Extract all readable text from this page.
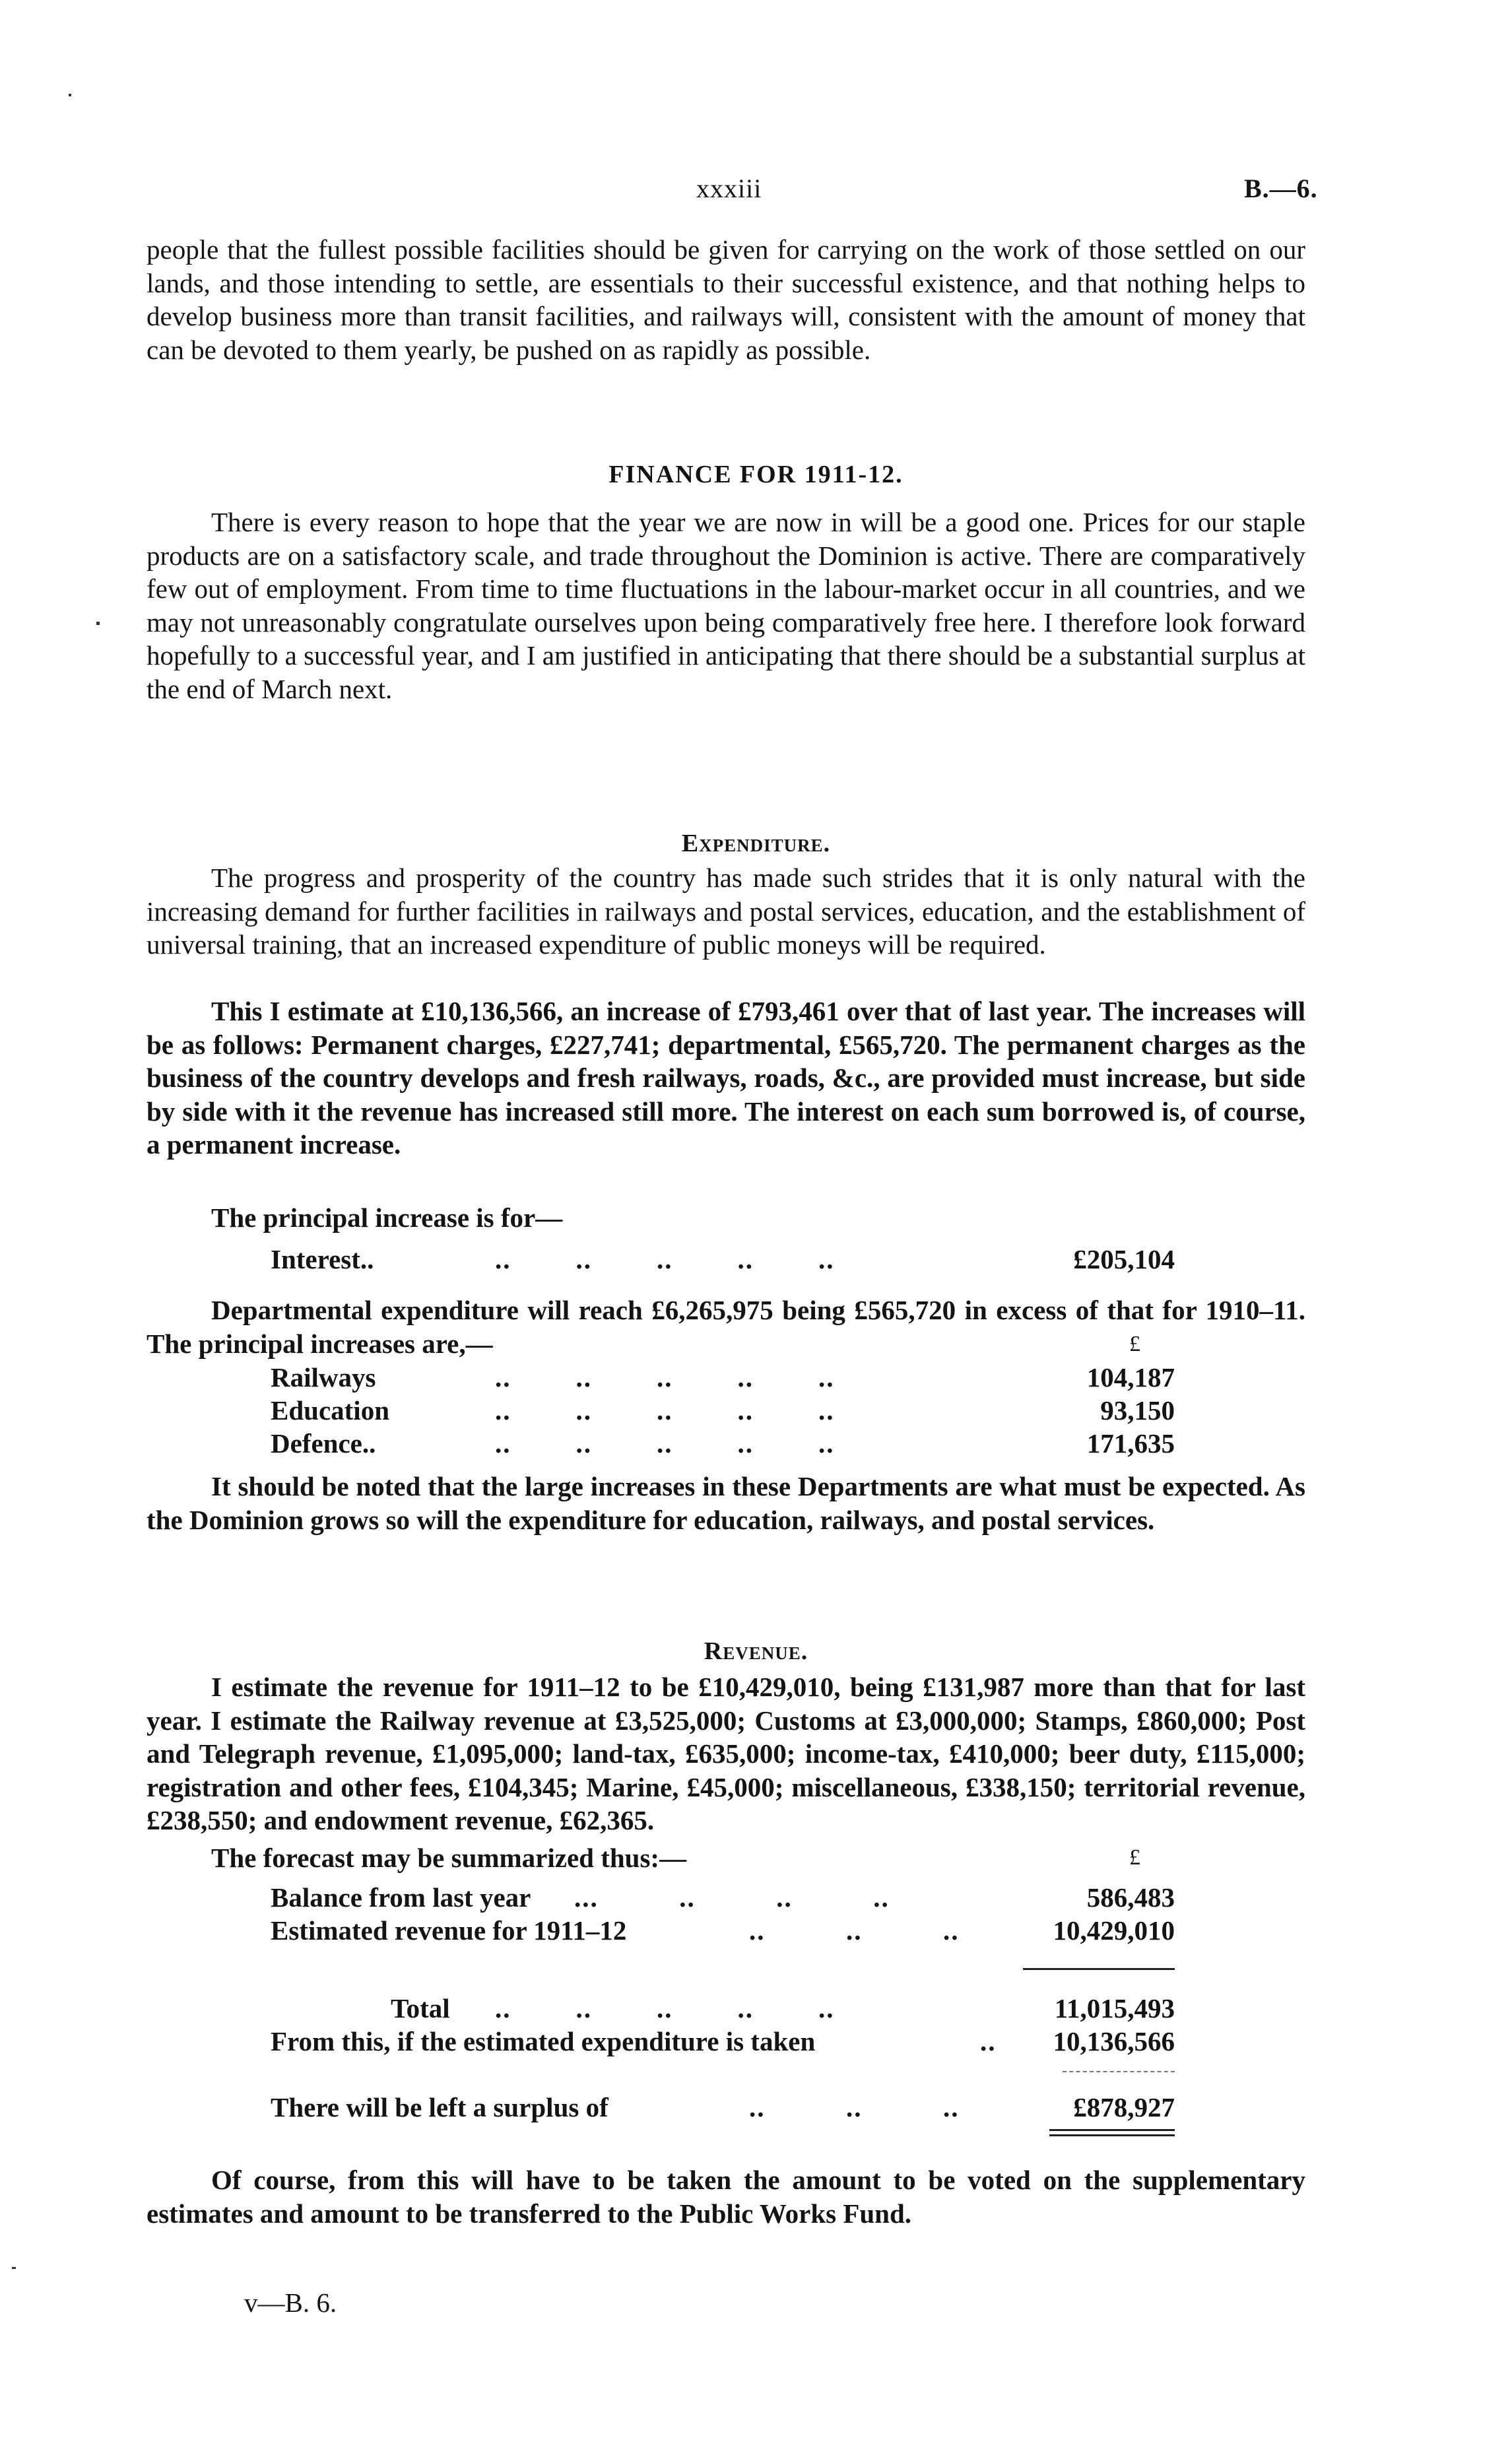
xxxiii	B.—6.

people that the fullest possible facilities should be given for carrying on the work of those settled on our lands, and those intending to settle, are essentials to their successful existence, and that nothing helps to develop business more than transit facilities, and railways will, consistent with the amount of money that can be devoted to them yearly, be pushed on as rapidly as possible.

FINANCE FOR 1911-12.

There is every reason to hope that the year we are now in will be a good one. Prices for our staple products are on a satisfactory scale, and trade throughout the Dominion is active. There are comparatively few out of employment. From time to time fluctuations in the labour-market occur in all countries, and we may not unreasonably congratulate ourselves upon being comparatively free here. I therefore look forward hopefully to a successful year, and I am justified in anticipating that there should be a substantial surplus at the end of March next.

Expenditure.

The progress and prosperity of the country has made such strides that it is only natural with the increasing demand for further facilities in railways and postal services, education, and the establishment of universal training, that an increased expenditure of public moneys will be required.

This I estimate at £10,136,566, an increase of £793,461 over that of last year. The increases will be as follows: Permanent charges, £227,741; departmental, £565,720. The permanent charges as the business of the country develops and fresh railways, roads, &c., are provided must increase, but side by side with it the revenue has increased still more. The interest on each sum borrowed is, of course, a permanent increase.

The principal increase is for—

Interest..	..        ..        ..        ..        ..	£205,104

Departmental expenditure will reach £6,265,975 being £565,720 in excess of that for 1910–11. The principal increases are,—	£
Railways	..        ..        ..        ..        ..	104,187
Education	..        ..        ..        ..        ..	93,150
Defence..	..        ..        ..        ..        ..	171,635

It should be noted that the large increases in these Departments are what must be expected. As the Dominion grows so will the expenditure for education, railways, and postal services.

Revenue.

I estimate the revenue for 1911–12 to be £10,429,010, being £131,987 more than that for last year. I estimate the Railway revenue at £3,525,000; Customs at £3,000,000; Stamps, £860,000; Post and Telegraph revenue, £1,095,000; land-tax, £635,000; income-tax, £410,000; beer duty, £115,000; registration and other fees, £104,345; Marine, £45,000; miscellaneous, £338,150; territorial revenue, £238,550; and endowment revenue, £62,365.

The forecast may be summarized thus:—	£
Balance from last year ...          ..          ..          ..	586,483
Estimated revenue for 1911–12	..          ..          ..	10,429,010
Total ..        ..        ..        ..        ..	11,015,493
From this, if the estimated expenditure is taken	.. 10,136,566
There will be left a surplus of	..          ..          ..	£878,927

Of course, from this will have to be taken the amount to be voted on the supplementary estimates and amount to be transferred to the Public Works Fund.

v—B. 6.
